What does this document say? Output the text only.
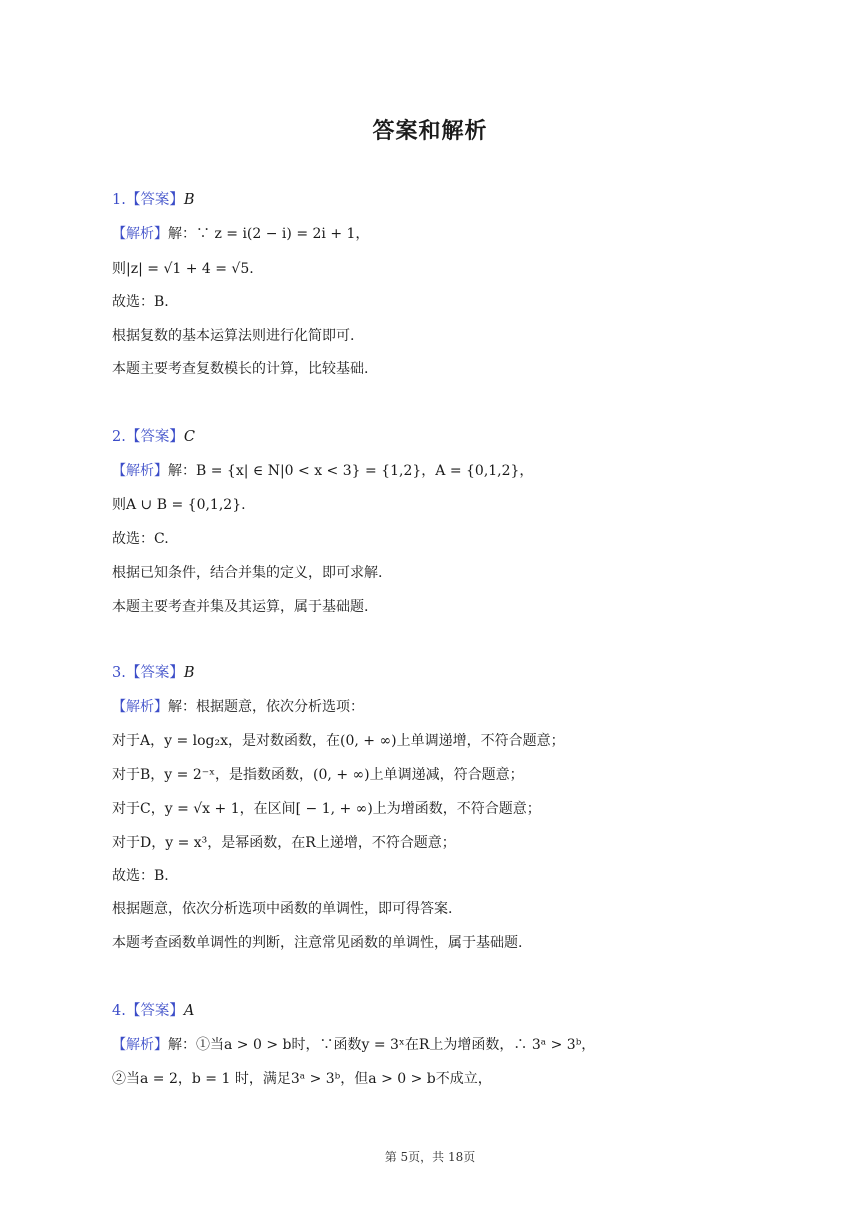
答案和解析
1.【答案】B
【解析】解：∵ z = i(2 − i) = 2i + 1，
则|z| = √1 + 4 = √5.
故选：B.
根据复数的基本运算法则进行化简即可.
本题主要考查复数模长的计算，比较基础.
2.【答案】C
【解析】解：B = {x| ∈ N|0 < x < 3} = {1,2}，A = {0,1,2}，
则A ∪ B = {0,1,2}.
故选：C.
根据已知条件，结合并集的定义，即可求解.
本题主要考查并集及其运算，属于基础题.
3.【答案】B
【解析】解：根据题意，依次分析选项：
对于A，y = log₂x，是对数函数，在(0, + ∞)上单调递增，不符合题意；
对于B，y = 2⁻ˣ，是指数函数，(0, + ∞)上单调递减，符合题意；
对于C，y = √x + 1，在区间[ − 1, + ∞)上为增函数，不符合题意；
对于D，y = x³，是幂函数，在R上递增，不符合题意；
故选：B.
根据题意，依次分析选项中函数的单调性，即可得答案.
本题考查函数单调性的判断，注意常见函数的单调性，属于基础题.
4.【答案】A
【解析】解：①当a > 0 > b时，∵函数y = 3ˣ在R上为增函数，∴ 3ᵃ > 3ᵇ，
②当a = 2，b = 1 时，满足3ᵃ > 3ᵇ，但a > 0 > b不成立，
第 5页，共 18页
